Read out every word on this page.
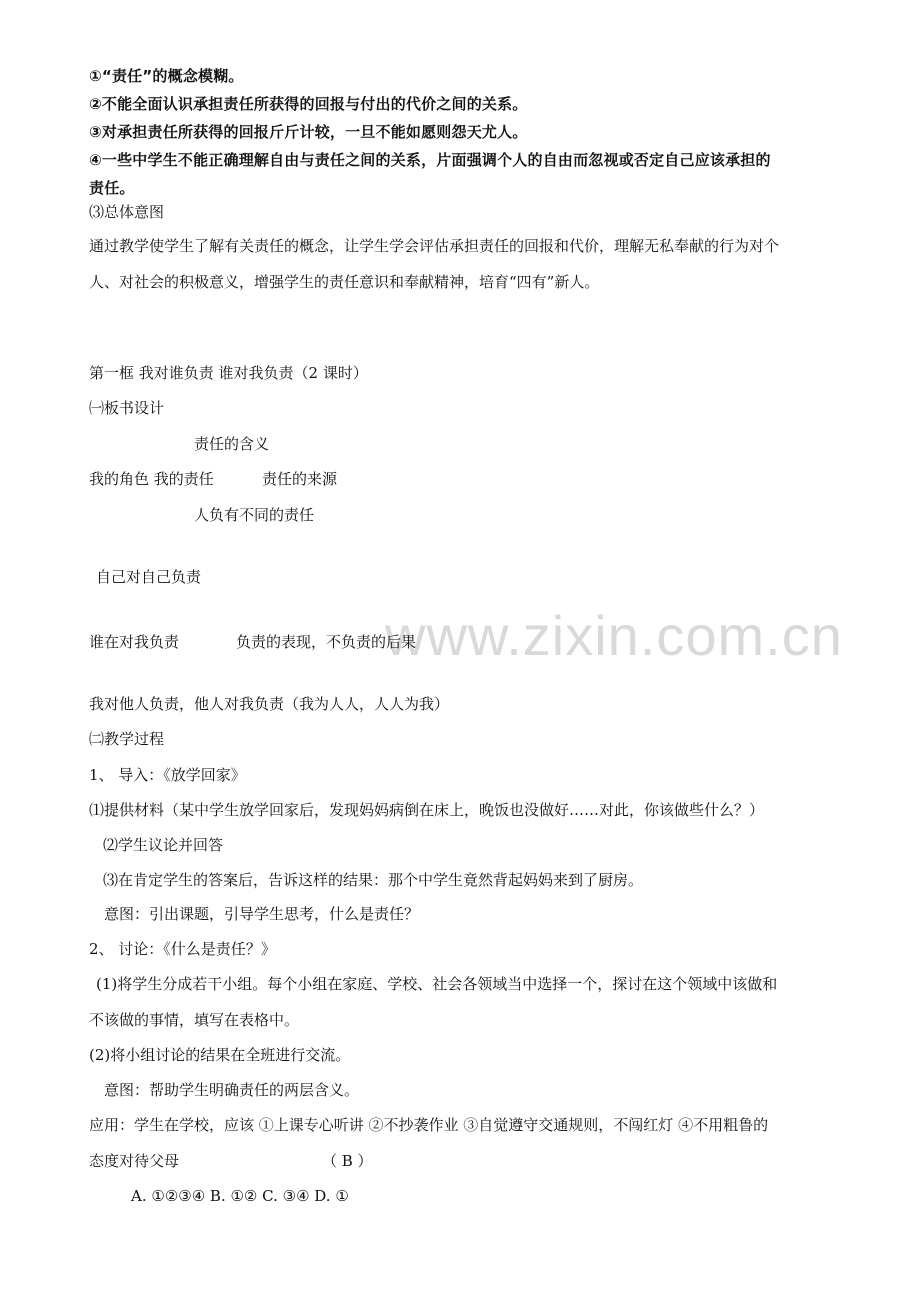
www.zixin.com.cn
①“责任”的概念模糊。
②不能全面认识承担责任所获得的回报与付出的代价之间的关系。
③对承担责任所获得的回报斤斤计较，一旦不能如愿则怨天尤人。
④一些中学生不能正确理解自由与责任之间的关系，片面强调个人的自由而忽视或否定自己应该承担的
责任。
⑶总体意图
通过教学使学生了解有关责任的概念，让学生学会评估承担责任的回报和代价，理解无私奉献的行为对个
人、对社会的积极意义，增强学生的责任意识和奉献精神，培育“四有”新人。
第一框 我对谁负责 谁对我负责（2 课时）
㈠板书设计
责任的含义
我的角色 我的责任	责任的来源
人负有不同的责任
自己对自己负责
谁在对我负责	负责的表现，不负责的后果
我对他人负责，他人对我负责（我为人人，人人为我）
㈡教学过程
1、 导入：《放学回家》
⑴提供材料（某中学生放学回家后，发现妈妈病倒在床上，晚饭也没做好……对此，你该做些什么？）
⑵学生议论并回答
⑶在肯定学生的答案后，告诉这样的结果：那个中学生竟然背起妈妈来到了厨房。
意图：引出课题，引导学生思考，什么是责任？
2、 讨论：《什么是责任？》
(1)将学生分成若干小组。每个小组在家庭、学校、社会各领域当中选择一个，探讨在这个领域中该做和
不该做的事情，填写在表格中。
(2)将小组讨论的结果在全班进行交流。
意图：帮助学生明确责任的两层含义。
应用：学生在学校，应该 ①上课专心听讲 ②不抄袭作业 ③自觉遵守交通规则，不闯红灯 ④不用粗鲁的
态度对待父母	（ B ）
A. ①②③④ B. ①② C. ③④ D. ①
